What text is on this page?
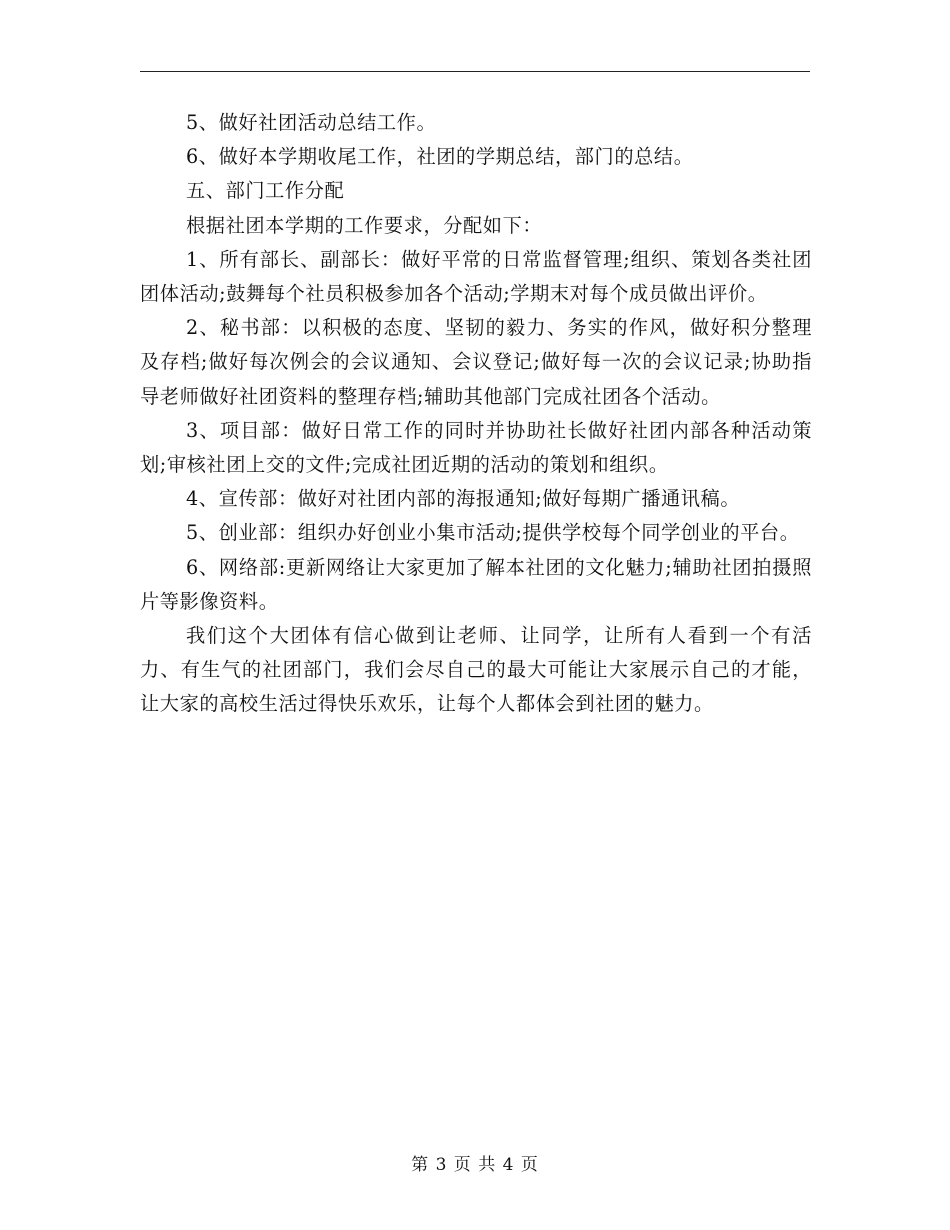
5、做好社团活动总结工作。

6、做好本学期收尾工作，社团的学期总结，部门的总结。

五、部门工作分配

根据社团本学期的工作要求，分配如下：

1、所有部长、副部长：做好平常的日常监督管理;组织、策划各类社团团体活动;鼓舞每个社员积极参加各个活动;学期末对每个成员做出评价。

2、秘书部：以积极的态度、坚韧的毅力、务实的作风，做好积分整理及存档;做好每次例会的会议通知、会议登记;做好每一次的会议记录;协助指导老师做好社团资料的整理存档;辅助其他部门完成社团各个活动。

3、项目部：做好日常工作的同时并协助社长做好社团内部各种活动策划;审核社团上交的文件;完成社团近期的活动的策划和组织。

4、宣传部：做好对社团内部的海报通知;做好每期广播通讯稿。

5、创业部：组织办好创业小集市活动;提供学校每个同学创业的平台。

6、网络部:更新网络让大家更加了解本社团的文化魅力;辅助社团拍摄照片等影像资料。

我们这个大团体有信心做到让老师、让同学，让所有人看到一个有活力、有生气的社团部门，我们会尽自己的最大可能让大家展示自己的才能，让大家的高校生活过得快乐欢乐，让每个人都体会到社团的魅力。

第 3 页 共 4 页
